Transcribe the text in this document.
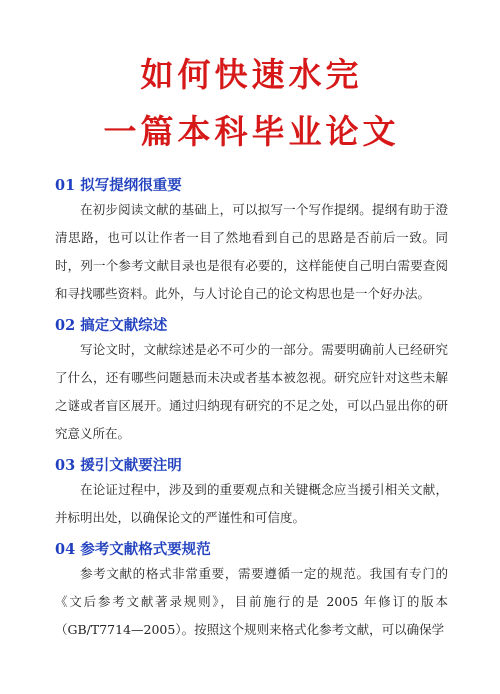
如何快速水完
一篇本科毕业论文
01 拟写提纲很重要

在初步阅读文献的基础上，可以拟写一个写作提纲。提纲有助于澄清思路，也可以让作者一目了然地看到自己的思路是否前后一致。同时，列一个参考文献目录也是很有必要的，这样能使自己明白需要查阅和寻找哪些资料。此外，与人讨论自己的论文构思也是一个好办法。

02 搞定文献综述

写论文时，文献综述是必不可少的一部分。需要明确前人已经研究了什么，还有哪些问题悬而未决或者基本被忽视。研究应针对这些未解之谜或者盲区展开。通过归纳现有研究的不足之处，可以凸显出你的研究意义所在。

03 援引文献要注明

在论证过程中，涉及到的重要观点和关键概念应当援引相关文献，并标明出处，以确保论文的严谨性和可信度。

04 参考文献格式要规范

参考文献的格式非常重要，需要遵循一定的规范。我国有专门的《文后参考文献著录规则》，目前施行的是 2005 年修订的版本（GB/T7714—2005）。按照这个规则来格式化参考文献，可以确保学
